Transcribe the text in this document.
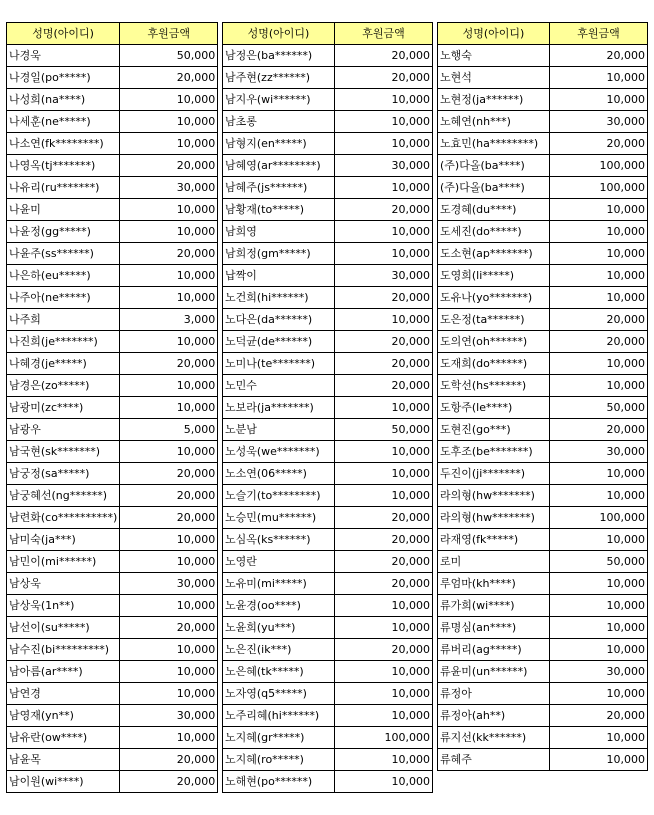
성명(아이디)	후원금액
나경욱	50,000
나경일(po*****)	20,000
나성희(na****)	10,000
나세훈(ne*****)	10,000
나소연(fk********)	10,000
나영옥(tj*******)	20,000
나유리(ru*******)	30,000
나윤미	10,000
나윤정(gg*****)	10,000
나윤주(ss******)	20,000
나은하(eu*****)	10,000
나주아(ne*****)	10,000
나주희	3,000
나진희(je*******)	10,000
나혜경(je*****)	20,000
남경은(zo*****)	10,000
남광미(zc****)	10,000
남광우	5,000
남국현(sk*******)	10,000
남궁정(sa*****)	20,000
남궁혜선(ng******)	20,000
남련화(co**********)	20,000
남미숙(ja***)	10,000
남민이(mi******)	10,000
남상욱	30,000
남상욱(1n**)	10,000
남선이(su*****)	20,000
남수진(bi*********)	10,000
남아름(ar****)	10,000
남연경	10,000
남영재(yn**)	30,000
남유란(ow****)	10,000
남윤목	20,000
남이원(wi****)	20,000
성명(아이디)	후원금액
남정은(ba******)	20,000
남주현(zz******)	20,000
남지우(wi******)	10,000
남초롱	10,000
남형지(en*****)	10,000
남혜영(ar********)	30,000
남혜주(js******)	10,000
남황재(to*****)	20,000
남희영	10,000
남희정(gm*****)	10,000
납짝이	30,000
노건희(hi******)	20,000
노다은(da******)	10,000
노덕균(de******)	20,000
노미나(te*******)	20,000
노민수	20,000
노보라(ja*******)	10,000
노분남	50,000
노성욱(we*******)	10,000
노소연(06*****)	10,000
노슬기(to********)	10,000
노승민(mu******)	20,000
노심옥(ks******)	20,000
노영란	20,000
노유미(mi*****)	20,000
노윤경(oo****)	10,000
노윤희(yu***)	10,000
노은진(ik***)	20,000
노은혜(tk*****)	10,000
노자영(q5*****)	10,000
노주리혜(hi******)	10,000
노지혜(gr*****)	100,000
노지혜(ro*****)	10,000
노해현(po******)	10,000
성명(아이디)	후원금액
노행숙	20,000
노현석	10,000
노현정(ja******)	10,000
노혜연(nh***)	30,000
노효민(ha********)	20,000
(주)다올(ba****)	100,000
(주)다올(ba****)	100,000
도경혜(du****)	10,000
도세진(do*****)	10,000
도소현(ap*******)	10,000
도영희(li*****)	10,000
도유나(yo*******)	10,000
도은정(ta******)	20,000
도의연(oh******)	20,000
도재희(do******)	10,000
도학선(hs******)	10,000
도항주(le****)	50,000
도현진(go***)	20,000
도후조(be*******)	30,000
두진이(ji*******)	10,000
라의형(hw*******)	10,000
라의형(hw*******)	100,000
라재영(fk*****)	10,000
로미	50,000
루엄마(kh****)	10,000
류가희(wi****)	10,000
류명심(an****)	10,000
류버리(ag*****)	10,000
류윤미(un******)	30,000
류정아	10,000
류정아(ah**)	20,000
류지선(kk******)	10,000
류혜주	10,000
